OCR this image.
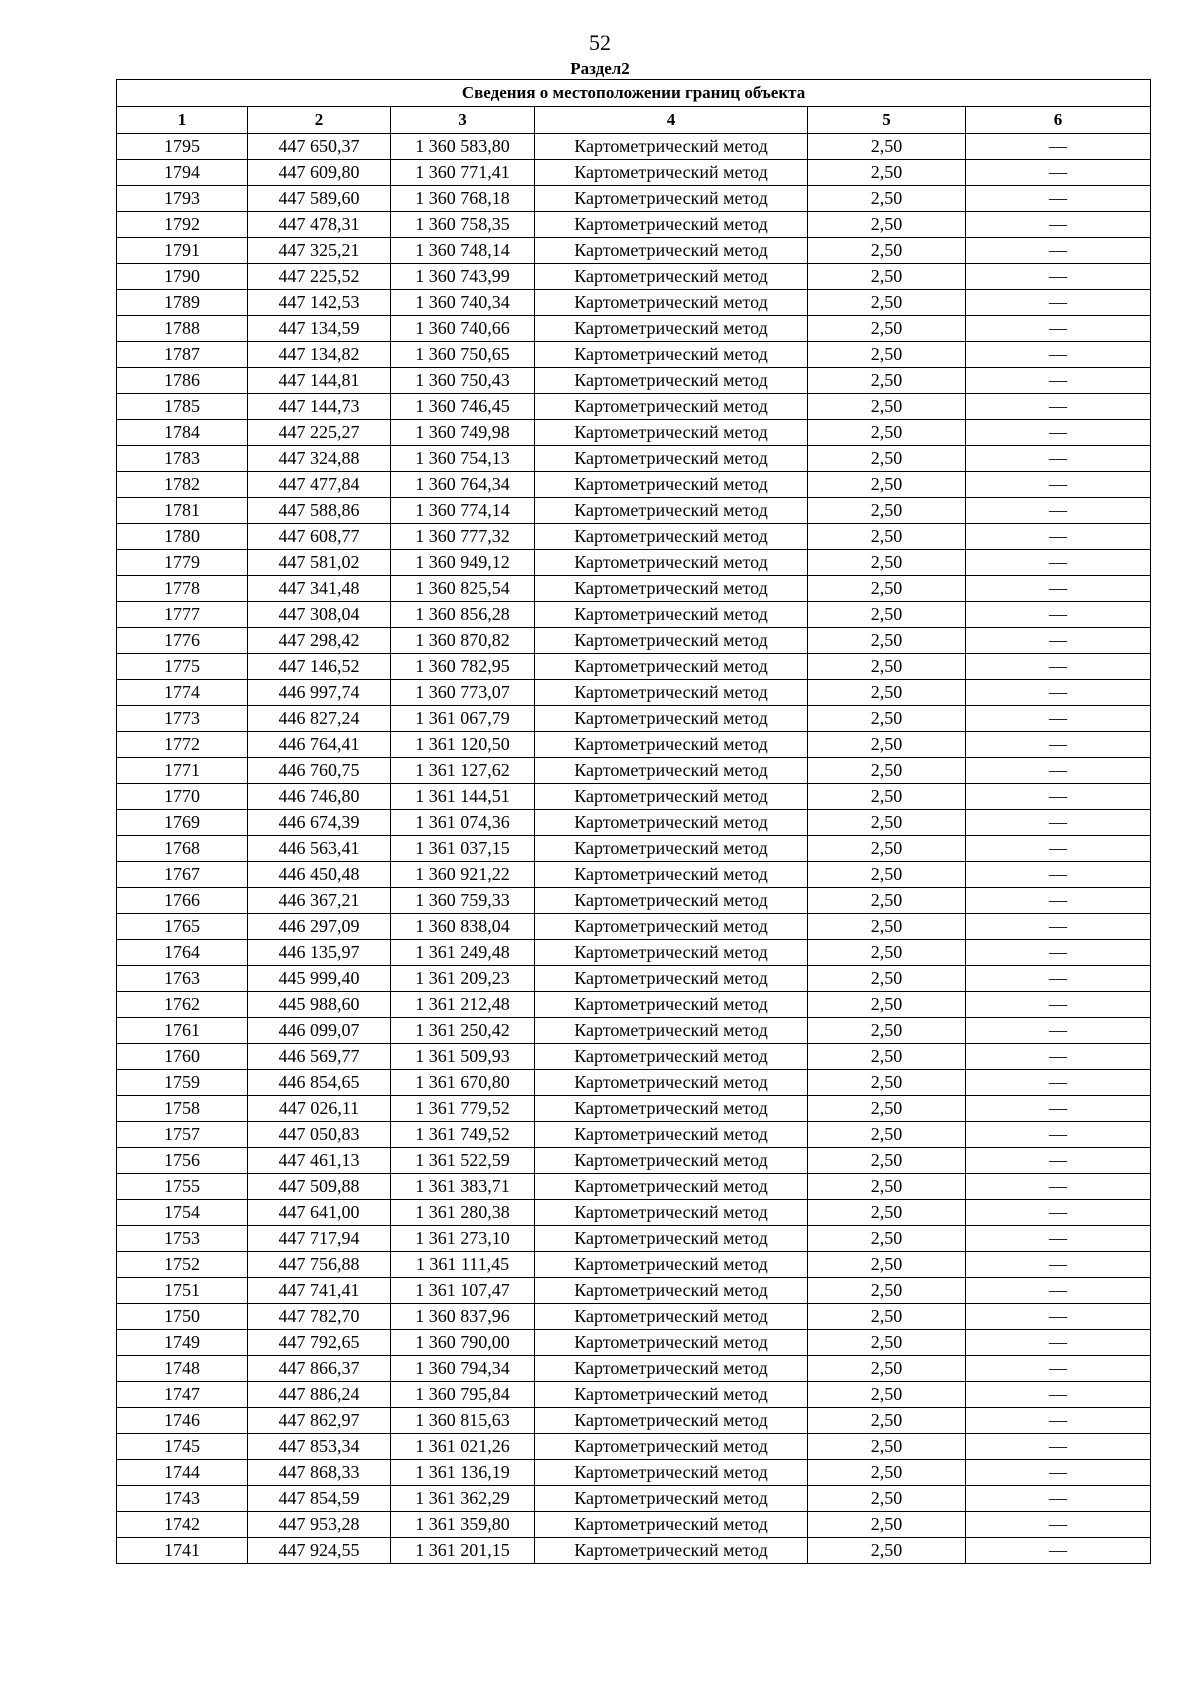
52
Раздел2
Сведения о местоположении границ объекта					
1	2	3	4	5	6
1795	447 650,37	1 360 583,80	Картометрический метод	2,50	—
1794	447 609,80	1 360 771,41	Картометрический метод	2,50	—
1793	447 589,60	1 360 768,18	Картометрический метод	2,50	—
1792	447 478,31	1 360 758,35	Картометрический метод	2,50	—
1791	447 325,21	1 360 748,14	Картометрический метод	2,50	—
1790	447 225,52	1 360 743,99	Картометрический метод	2,50	—
1789	447 142,53	1 360 740,34	Картометрический метод	2,50	—
1788	447 134,59	1 360 740,66	Картометрический метод	2,50	—
1787	447 134,82	1 360 750,65	Картометрический метод	2,50	—
1786	447 144,81	1 360 750,43	Картометрический метод	2,50	—
1785	447 144,73	1 360 746,45	Картометрический метод	2,50	—
1784	447 225,27	1 360 749,98	Картометрический метод	2,50	—
1783	447 324,88	1 360 754,13	Картометрический метод	2,50	—
1782	447 477,84	1 360 764,34	Картометрический метод	2,50	—
1781	447 588,86	1 360 774,14	Картометрический метод	2,50	—
1780	447 608,77	1 360 777,32	Картометрический метод	2,50	—
1779	447 581,02	1 360 949,12	Картометрический метод	2,50	—
1778	447 341,48	1 360 825,54	Картометрический метод	2,50	—
1777	447 308,04	1 360 856,28	Картометрический метод	2,50	—
1776	447 298,42	1 360 870,82	Картометрический метод	2,50	—
1775	447 146,52	1 360 782,95	Картометрический метод	2,50	—
1774	446 997,74	1 360 773,07	Картометрический метод	2,50	—
1773	446 827,24	1 361 067,79	Картометрический метод	2,50	—
1772	446 764,41	1 361 120,50	Картометрический метод	2,50	—
1771	446 760,75	1 361 127,62	Картометрический метод	2,50	—
1770	446 746,80	1 361 144,51	Картометрический метод	2,50	—
1769	446 674,39	1 361 074,36	Картометрический метод	2,50	—
1768	446 563,41	1 361 037,15	Картометрический метод	2,50	—
1767	446 450,48	1 360 921,22	Картометрический метод	2,50	—
1766	446 367,21	1 360 759,33	Картометрический метод	2,50	—
1765	446 297,09	1 360 838,04	Картометрический метод	2,50	—
1764	446 135,97	1 361 249,48	Картометрический метод	2,50	—
1763	445 999,40	1 361 209,23	Картометрический метод	2,50	—
1762	445 988,60	1 361 212,48	Картометрический метод	2,50	—
1761	446 099,07	1 361 250,42	Картометрический метод	2,50	—
1760	446 569,77	1 361 509,93	Картометрический метод	2,50	—
1759	446 854,65	1 361 670,80	Картометрический метод	2,50	—
1758	447 026,11	1 361 779,52	Картометрический метод	2,50	—
1757	447 050,83	1 361 749,52	Картометрический метод	2,50	—
1756	447 461,13	1 361 522,59	Картометрический метод	2,50	—
1755	447 509,88	1 361 383,71	Картометрический метод	2,50	—
1754	447 641,00	1 361 280,38	Картометрический метод	2,50	—
1753	447 717,94	1 361 273,10	Картометрический метод	2,50	—
1752	447 756,88	1 361 111,45	Картометрический метод	2,50	—
1751	447 741,41	1 361 107,47	Картометрический метод	2,50	—
1750	447 782,70	1 360 837,96	Картометрический метод	2,50	—
1749	447 792,65	1 360 790,00	Картометрический метод	2,50	—
1748	447 866,37	1 360 794,34	Картометрический метод	2,50	—
1747	447 886,24	1 360 795,84	Картометрический метод	2,50	—
1746	447 862,97	1 360 815,63	Картометрический метод	2,50	—
1745	447 853,34	1 361 021,26	Картометрический метод	2,50	—
1744	447 868,33	1 361 136,19	Картометрический метод	2,50	—
1743	447 854,59	1 361 362,29	Картометрический метод	2,50	—
1742	447 953,28	1 361 359,80	Картометрический метод	2,50	—
1741	447 924,55	1 361 201,15	Картометрический метод	2,50	—
